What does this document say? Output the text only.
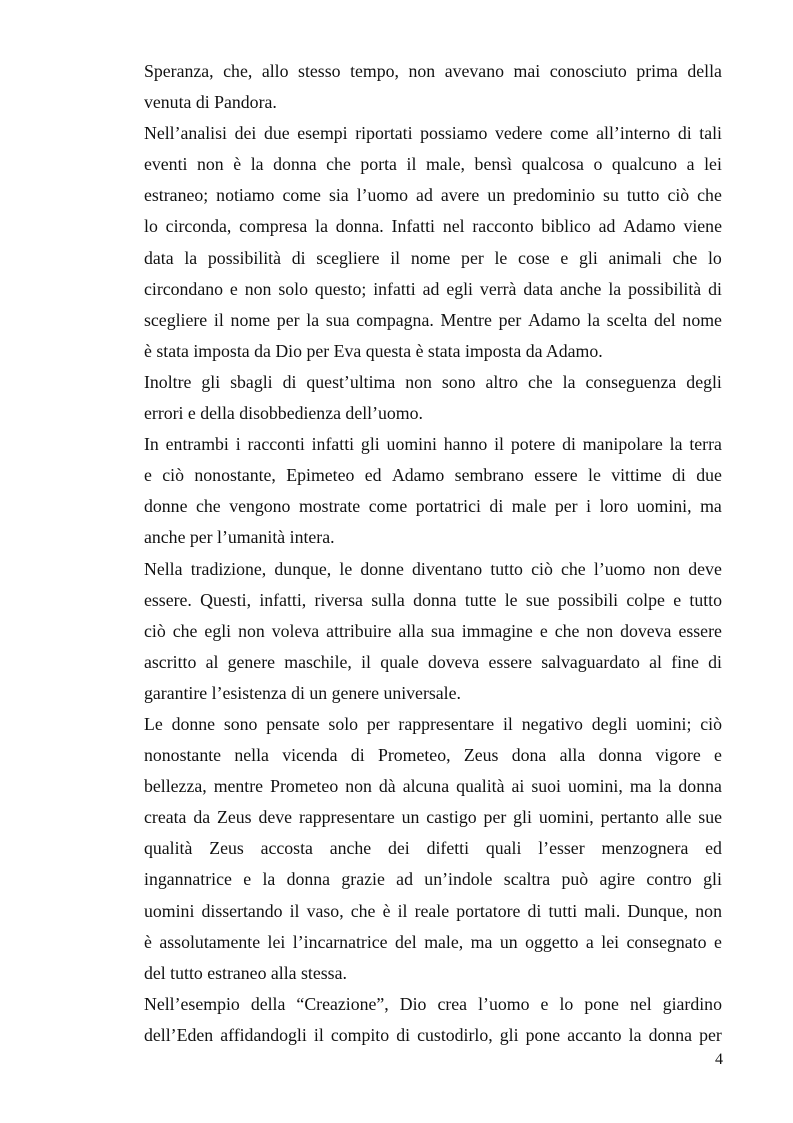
Speranza, che, allo stesso tempo, non avevano mai conosciuto prima della
venuta di Pandora.
Nell’analisi dei due esempi riportati possiamo vedere come all’interno di tali
eventi non è la donna che porta il male, bensì qualcosa o qualcuno a lei
estraneo; notiamo come sia l’uomo ad avere un predominio su tutto ciò che
lo circonda, compresa la donna. Infatti nel racconto biblico ad Adamo viene
data la possibilità di scegliere il nome per le cose e gli animali che lo
circondano e non solo questo; infatti ad egli verrà data anche la possibilità di
scegliere il nome per la sua compagna. Mentre per Adamo la scelta del nome
è stata imposta da Dio per Eva questa è stata imposta da Adamo.
Inoltre gli sbagli di quest’ultima non sono altro che la conseguenza degli
errori e della disobbedienza dell’uomo.
In entrambi i racconti infatti gli uomini hanno il potere di manipolare la terra
e ciò nonostante, Epimeteo ed Adamo sembrano essere le vittime di due
donne che vengono mostrate come portatrici di male per i loro uomini, ma
anche per l’umanità intera.
Nella tradizione, dunque, le donne diventano tutto ciò che l’uomo non deve
essere. Questi, infatti, riversa sulla donna tutte le sue possibili colpe e tutto
ciò che egli non voleva attribuire alla sua immagine e che non doveva essere
ascritto al genere maschile, il quale doveva essere salvaguardato al fine di
garantire l’esistenza di un genere universale.
Le donne sono pensate solo per rappresentare il negativo degli uomini; ciò
nonostante nella vicenda di Prometeo, Zeus dona alla donna vigore e
bellezza, mentre Prometeo non dà alcuna qualità ai suoi uomini, ma la donna
creata da Zeus deve rappresentare un castigo per gli uomini, pertanto alle sue
qualità Zeus accosta anche dei difetti quali l’esser menzognera ed
ingannatrice e la donna grazie ad un’indole scaltra può agire contro gli
uomini dissertando il vaso, che è il reale portatore di tutti mali. Dunque, non
è assolutamente lei l’incarnatrice del male, ma un oggetto a lei consegnato e
del tutto estraneo alla stessa.
Nell’esempio della “Creazione”, Dio crea l’uomo e lo pone nel giardino
dell’Eden affidandogli il compito di custodirlo, gli pone accanto la donna per
4
